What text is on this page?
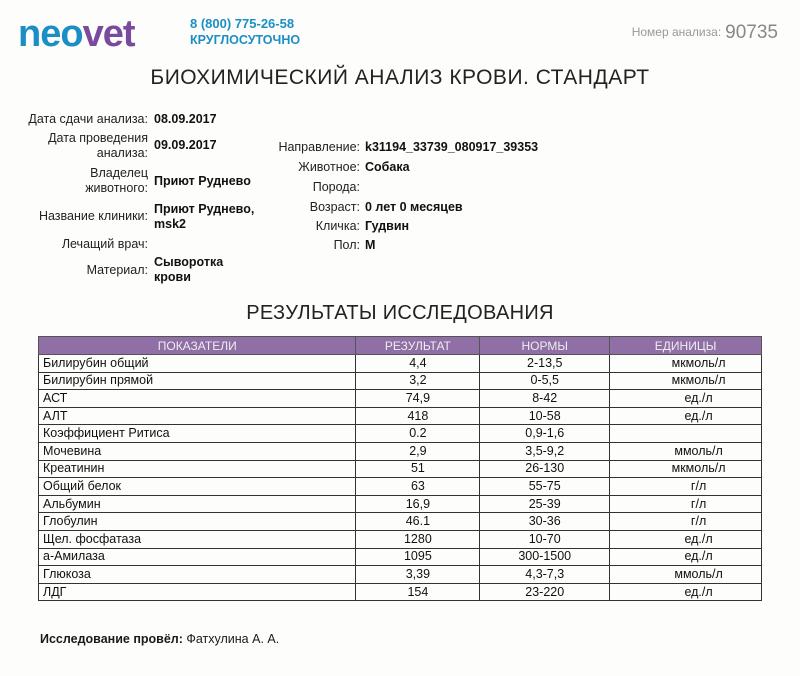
neovet	8 (800) 775-26-58
КРУГЛОСУТОЧНО
Номер анализа: 90735
БИОХИМИЧЕСКИЙ АНАЛИЗ КРОВИ. СТАНДАРТ
Дата сдачи анализа: 08.09.2017
Дата проведения
анализа:
09.09.2017
Владелец
животного: Приют Руднево
Название клиники: Приют Руднево,
msk2
Лечащий врач:
Материал:
Сыворотка
крови
Направление: k31194_33739_080917_39353
Животное: Собака
Порода:
Возраст: 0 лет 0 месяцев
Кличка: Гудвин
Пол: М
РЕЗУЛЬТАТЫ ИССЛЕДОВАНИЯ
ПОКАЗАТЕЛИ	РЕЗУЛЬТАТ	НОРМЫ	ЕДИНИЦЫ
Билирубин общий	4,4	2-13,5	мкмоль/л
Билирубин прямой	3,2	0-5,5	мкмоль/л
АСТ	74,9	8-42	ед./л
АЛТ	418	10-58	ед./л
Коэффициент Ритиса	0.2	0,9-1,6	
Мочевина	2,9	3,5-9,2	ммоль/л
Креатинин	51	26-130	мкмоль/л
Общий белок	63	55-75	г/л
Альбумин	16,9	25-39	г/л
Глобулин	46.1	30-36	г/л
Щел. фосфатаза	1280	10-70	ед./л
а-Амилаза	1095	300-1500	ед./л
Глюкоза	3,39	4,3-7,3	ммоль/л
ЛДГ	154	23-220	ед./л
Исследование провёл: Фатхулина А. А.
